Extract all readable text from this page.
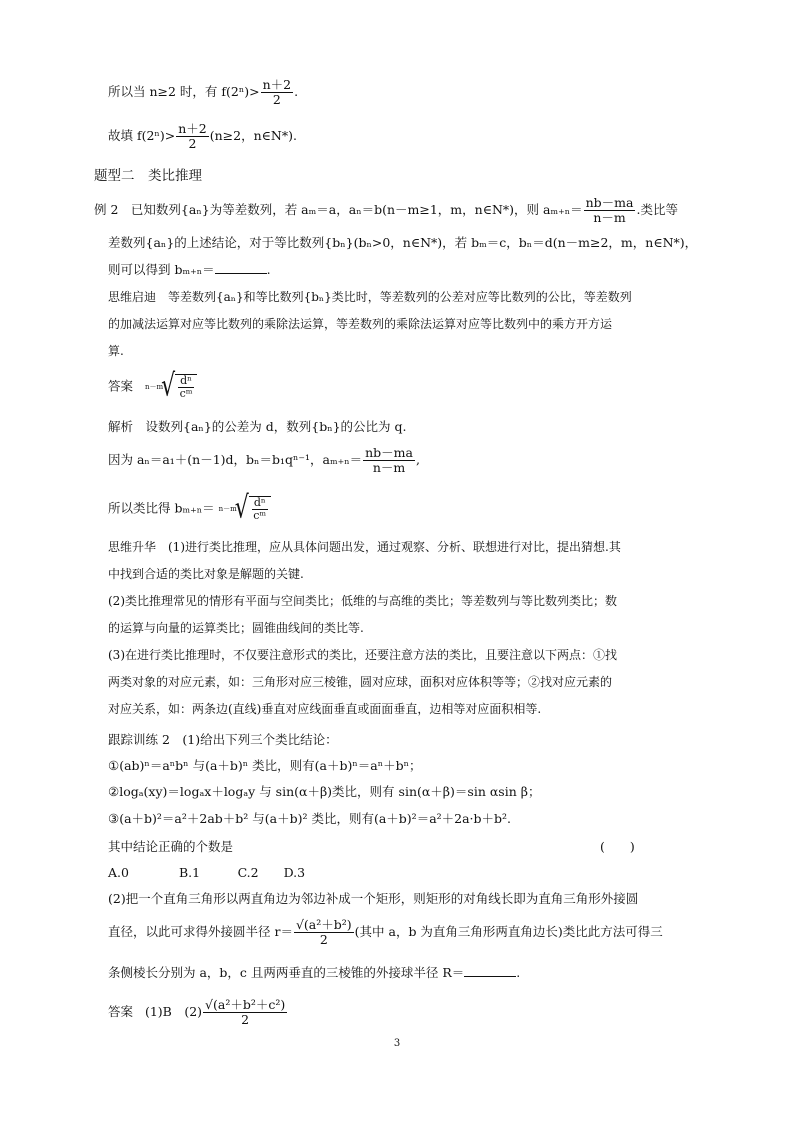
所以当 n≥2 时，有 $f(2^n)> \frac{n+2}{2}$ .
故填 $f(2^n)> \frac{n+2}{2} (n\ge 2$，n∈N*).
题型二　类比推理
例 2　已知数列{aₙ}为等差数列，若 aₘ＝a，aₙ＝b(n－m≥1，m，n∈N*)，则 $a_{m+n}= \frac{nb-ma}{n-m}$ .类比等
差数列{aₙ}的上述结论，对于等比数列{bₙ}(bₙ>0，n∈N*)，若 bₘ＝c，bₙ＝d(n－m≥2，m，n∈N*)，
则可以得到 bₘ₊ₙ＝	.
思维启迪　等差数列{aₙ}和等比数列{bₙ}类比时，等差数列的公差对应等比数列的公比，等差数列
的加减法运算对应等比数列的乘除法运算，等差数列的乘除法运算对应等比数列中的乘方开方运
算.
答案 n－m
√ $\frac{\text{dⁿ}}{\text{cᵐ}}$
解析　设数列{aₙ}的公差为 d，数列{bₙ}的公比为 q.
因为 aₙ＝a₁＋(n－1)d，bₙ＝b₁qⁿ⁻¹，$a_{m+n}= \frac{nb-ma}{n-m}$ ,
所以类比得 bₘ₊ₙ＝ n－m
√ $\frac{\text{dⁿ}}{\text{cᵐ}}$
思维升华　(1)进行类比推理，应从具体问题出发，通过观察、分析、联想进行对比，提出猜想.其
中找到合适的类比对象是解题的关键.
(2)类比推理常见的情形有平面与空间类比；低维的与高维的类比；等差数列与等比数列类比；数
的运算与向量的运算类比；圆锥曲线间的类比等.
(3)在进行类比推理时，不仅要注意形式的类比，还要注意方法的类比，且要注意以下两点：①找
两类对象的对应元素，如：三角形对应三棱锥，圆对应球，面积对应体积等等；②找对应元素的
对应关系，如：两条边(直线)垂直对应线面垂直或面面垂直，边相等对应面积相等.
跟踪训练 2　(1)给出下列三个类比结论：
①(ab)ⁿ＝aⁿbⁿ 与(a＋b)ⁿ 类比，则有(a＋b)ⁿ＝aⁿ＋bⁿ；
②logₐ(xy)＝logₐx＋logₐy 与 sin(α＋β)类比，则有 sin(α＋β)＝sin αsin β；
③(a＋b)²＝a²＋2ab＋b² 与(a＋b)² 类比，则有(a＋b)²＝a²＋2a·b＋b².
其中结论正确的个数是	(　　)
A.0　　　　B.1　　　C.2　　D.3
(2)把一个直角三角形以两直角边为邻边补成一个矩形，则矩形的对角线长即为直角三角形外接圆
直径，以此可求得外接圆半径 $r= \frac{\text{√(a²＋b²)}}{2}$ (其中 a，b 为直角三角形两直角边长)类比此方法可得三
条侧棱长分别为 a，b，c 且两两垂直的三棱锥的外接球半径 R＝	.
答案 (1)B　$(2) \frac{\text{√(a²＋b²＋c²)}}{2}$
3
